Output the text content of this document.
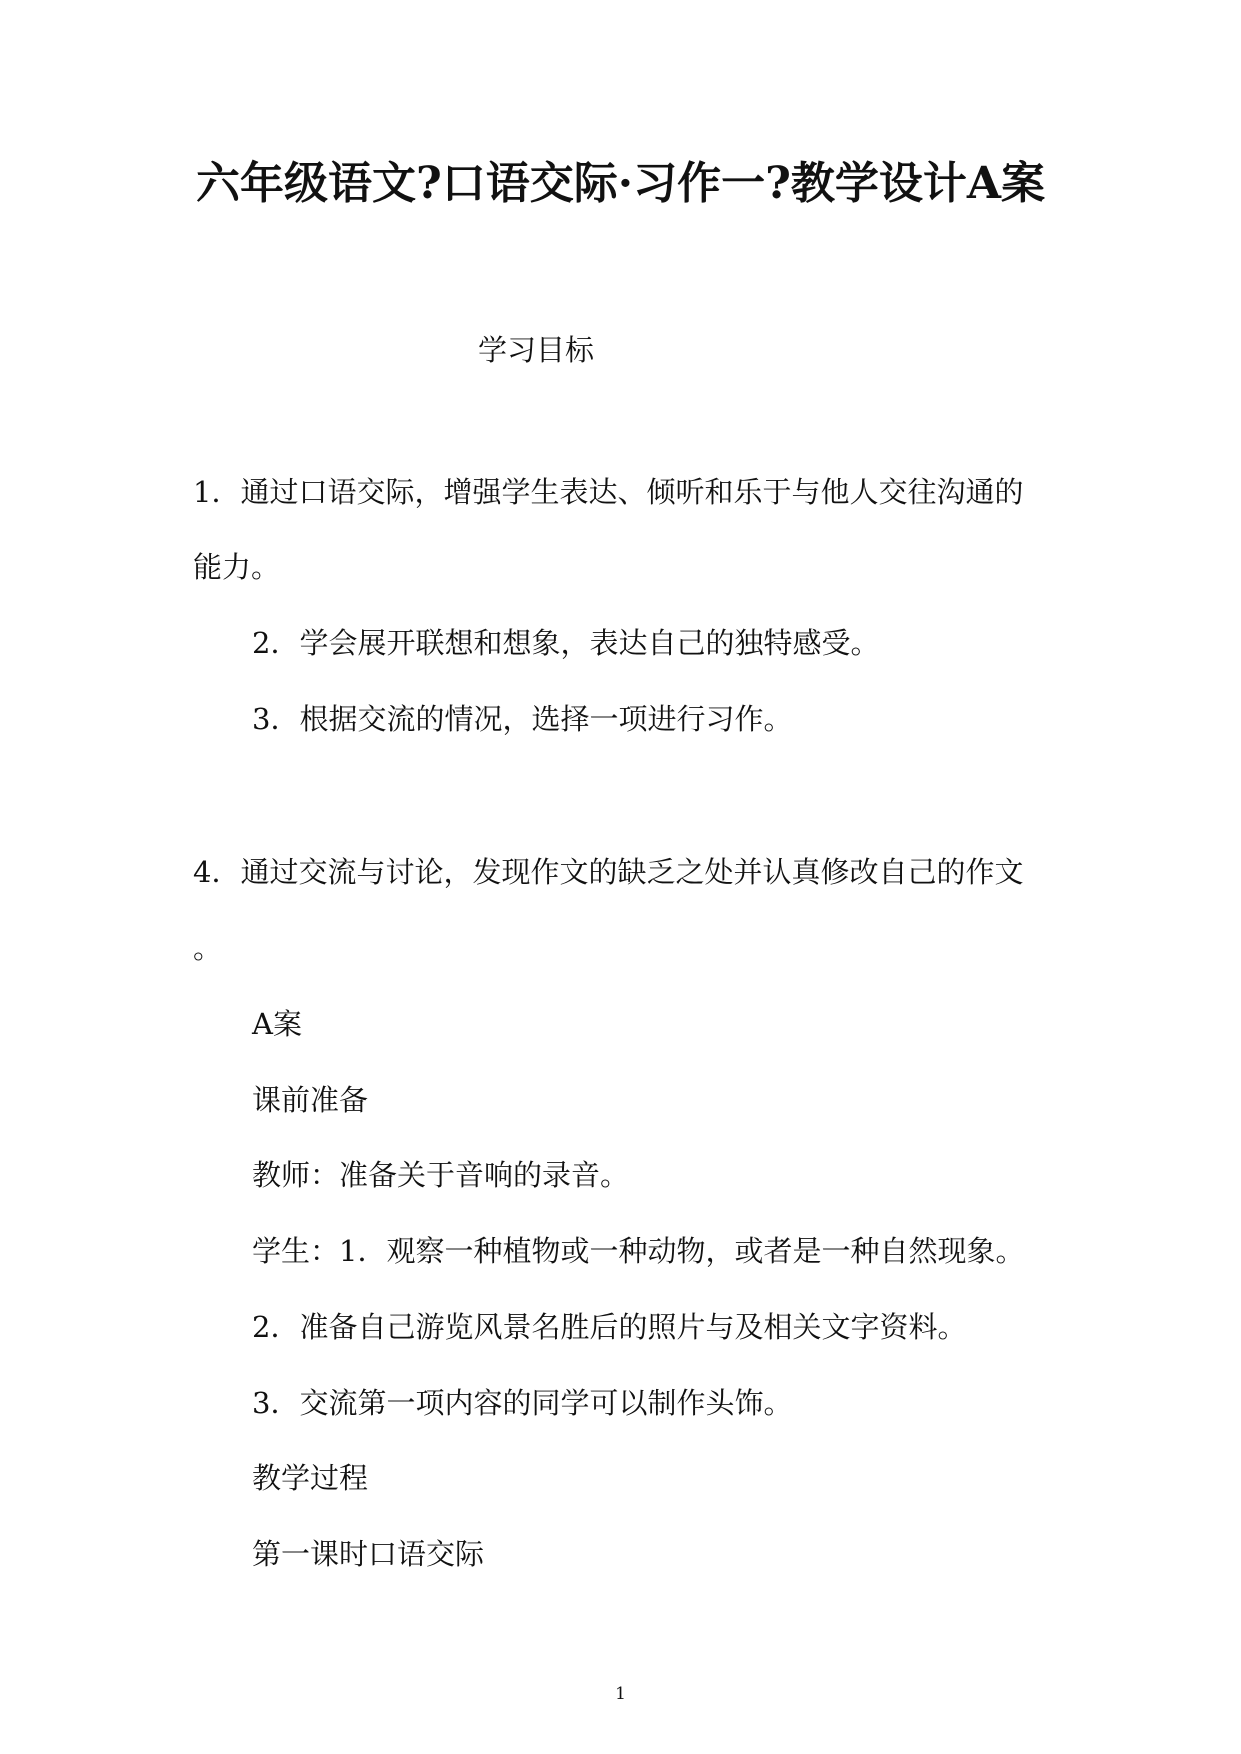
六年级语文?口语交际·习作一?教学设计A案
学习目标
1．通过口语交际，增强学生表达、倾听和乐于与他人交往沟通的
能力。
2．学会展开联想和想象，表达自己的独特感受。
3．根据交流的情况，选择一项进行习作。
4．通过交流与讨论，发现作文的缺乏之处并认真修改自己的作文
。
A案
课前准备
教师：准备关于音响的录音。
学生：1．观察一种植物或一种动物，或者是一种自然现象。
2．准备自己游览风景名胜后的照片与及相关文字资料。
3．交流第一项内容的同学可以制作头饰。
教学过程
第一课时口语交际
1
